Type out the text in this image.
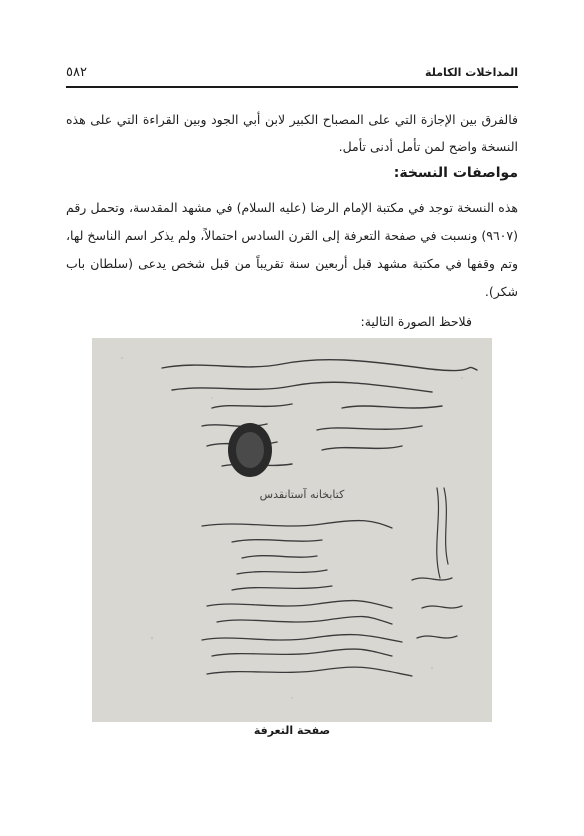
المداخلات الكاملة
٥٨٢
فالفرق بين الإجازة التي على المصباح الكبير لابن أبي الجود وبين القراءة التي على هذه النسخة واضح لمن تأمل أدنى تأمل.
مواصفات النسخة:
هذه النسخة توجد في مكتبة الإمام الرضا (عليه السلام) في مشهد المقدسة، وتحمل رقم (٩٦٠٧) ونسبت في صفحة التعرفة إلى القرن السادس احتمالاً، ولم يذكر اسم الناسخ لها، وتم وقفها في مكتبة مشهد قبل أربعين سنة تقريباً من قبل شخص يدعى (سلطان باب شكر).
فلاحظ الصورة التالية:
كتابخانه آستانقدس
صفحة التعرفة
